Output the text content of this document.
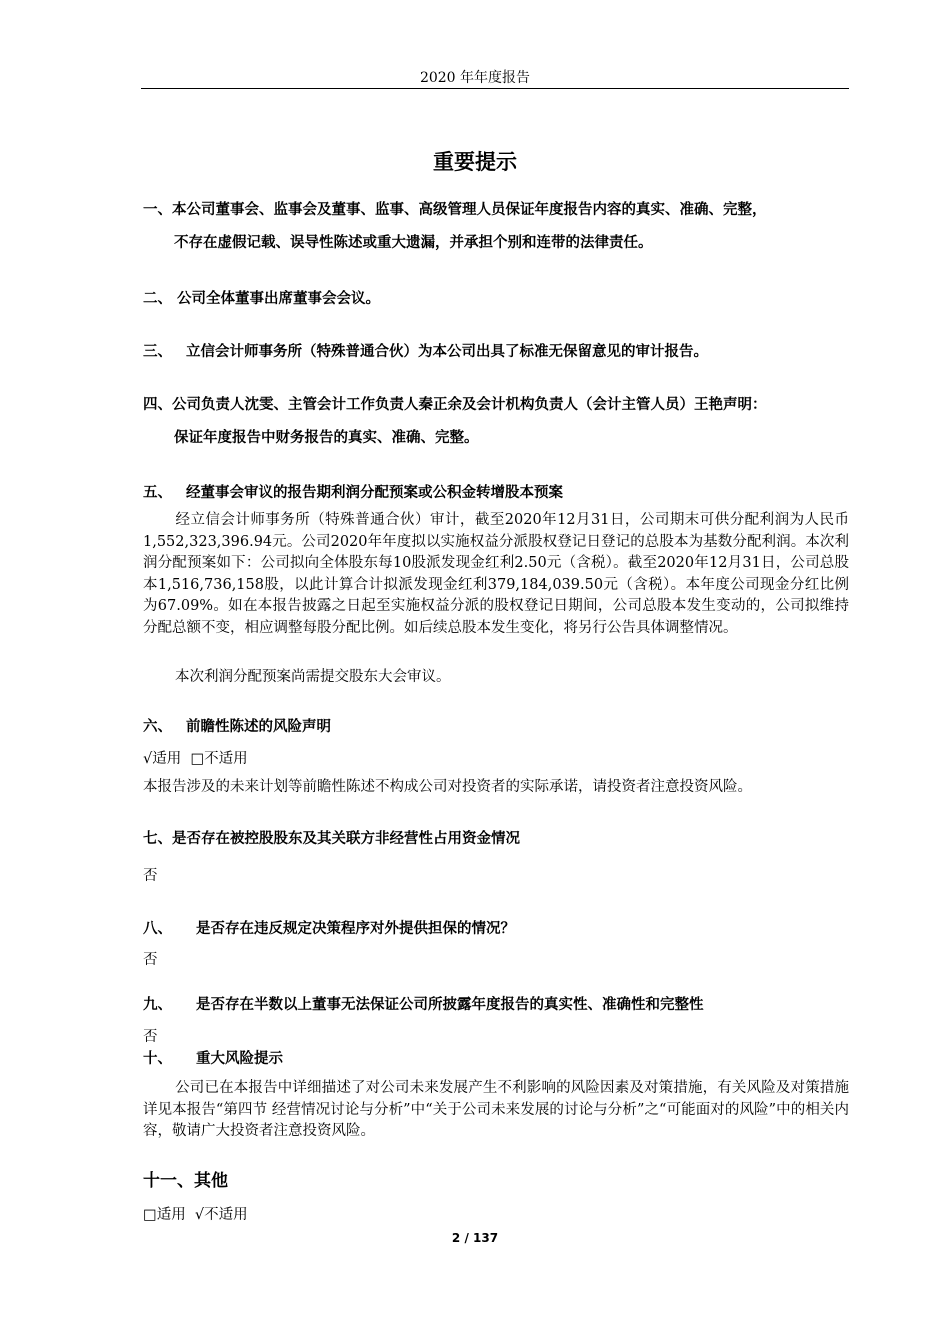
2020 年年度报告
重要提示
一、本公司董事会、监事会及董事、监事、高级管理人员保证年度报告内容的真实、准确、完整，
不存在虚假记载、误导性陈述或重大遗漏，并承担个别和连带的法律责任。
二、 公司全体董事出席董事会会议。
三、 立信会计师事务所（特殊普通合伙）为本公司出具了标准无保留意见的审计报告。
四、公司负责人沈雯、主管会计工作负责人秦正余及会计机构负责人（会计主管人员）王艳声明：
保证年度报告中财务报告的真实、准确、完整。
五、 经董事会审议的报告期利润分配预案或公积金转增股本预案
经立信会计师事务所（特殊普通合伙）审计，截至2020年12月31日，公司期末可供分配利润为人民币1,552,323,396.94元。公司2020年年度拟以实施权益分派股权登记日登记的总股本为基数分配利润。本次利润分配预案如下：公司拟向全体股东每10股派发现金红利2.50元（含税）。截至2020年12月31日，公司总股本1,516,736,158股，以此计算合计拟派发现金红利379,184,039.50元（含税）。本年度公司现金分红比例为67.09%。如在本报告披露之日起至实施权益分派的股权登记日期间，公司总股本发生变动的，公司拟维持分配总额不变，相应调整每股分配比例。如后续总股本发生变化，将另行公告具体调整情况。
本次利润分配预案尚需提交股东大会审议。
六、 前瞻性陈述的风险声明
√适用  □不适用
本报告涉及的未来计划等前瞻性陈述不构成公司对投资者的实际承诺，请投资者注意投资风险。
七、是否存在被控股股东及其关联方非经营性占用资金情况
否
八、 是否存在违反规定决策程序对外提供担保的情况？
否
九、 是否存在半数以上董事无法保证公司所披露年度报告的真实性、准确性和完整性
否
十、 重大风险提示
公司已在本报告中详细描述了对公司未来发展产生不利影响的风险因素及对策措施，有关风险及对策措施详见本报告“第四节 经营情况讨论与分析”中“关于公司未来发展的讨论与分析”之“可能面对的风险”中的相关内容，敬请广大投资者注意投资风险。
十一、其他
□适用  √不适用
2 / 137
